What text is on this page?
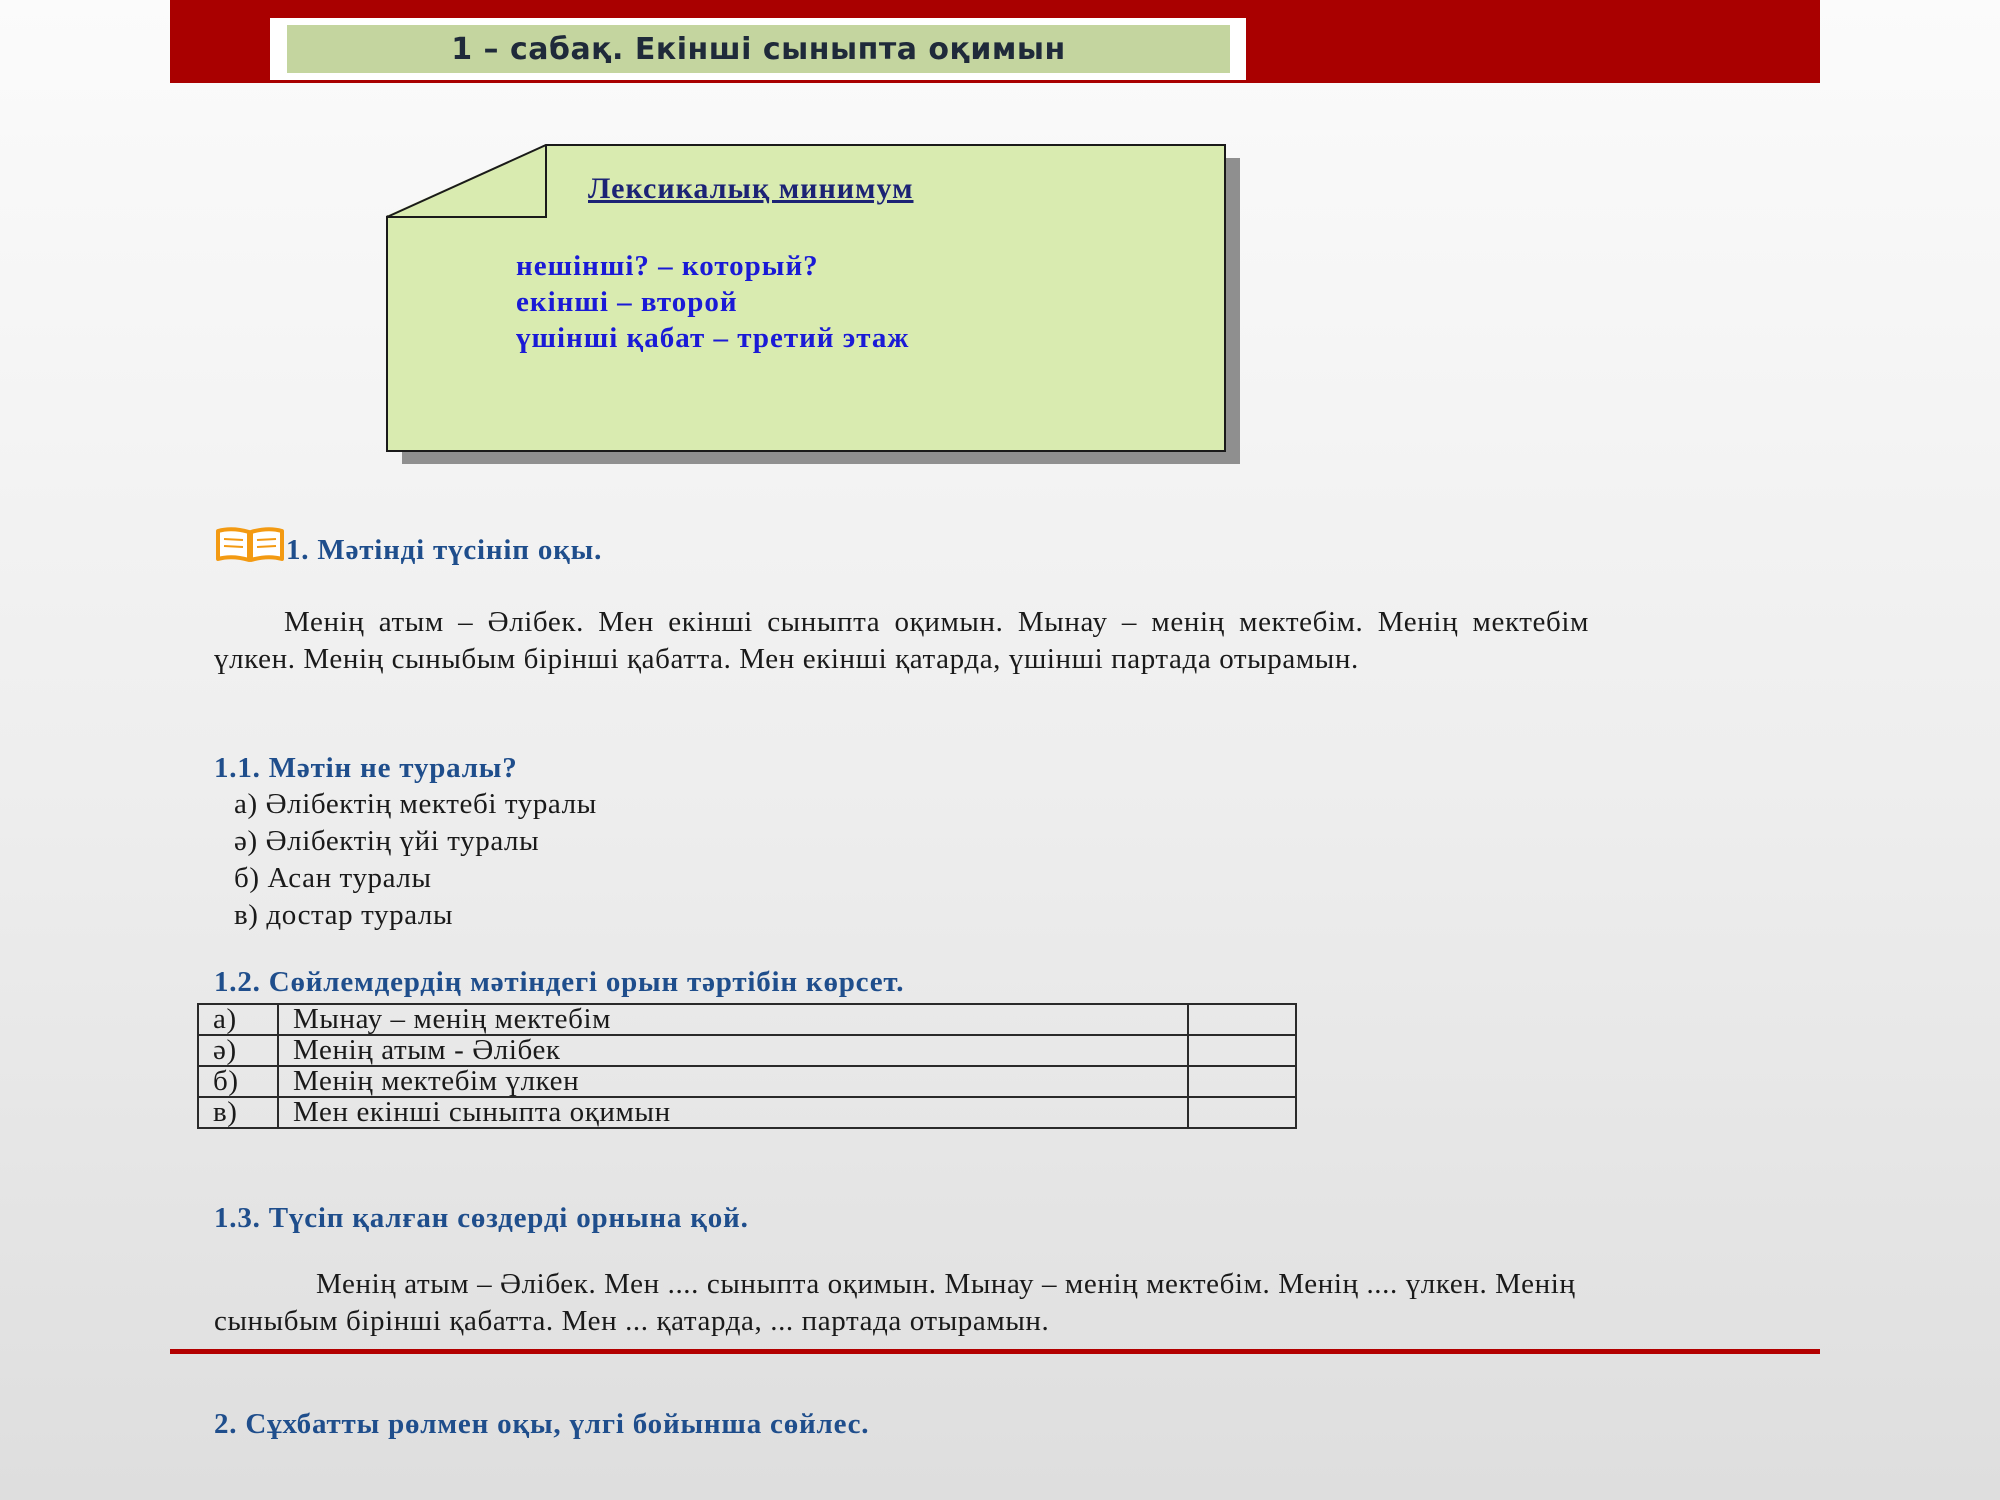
1 – сабақ. Екінші сыныпта оқимын
Лексикалық минимум
нешінші? – который?
екінші – второй
үшінші қабат – третий этаж
1. Мәтінді түсініп оқы.

Менің атым – Әлібек. Мен екінші сыныпта оқимын. Мынау – менің мектебім. Менің мектебім үлкен. Менің сыныбым бірінші қабатта. Мен екінші қатарда, үшінші партада отырамын.

1.1. Мәтін не туралы?
а) Әлібектің мектебі туралы
ә) Әлібектің үйі туралы
б) Асан туралы
в) достар туралы
1.2. Сөйлемдердің мәтіндегі орын тәртібін көрсет.
а)	Мынау – менің мектебім	
ә)	Менің атым - Әлібек	
б)	Менің мектебім үлкен	
в)	Мен екінші сыныпта оқимын	
1.3. Түсіп қалған сөздерді орнына қой.

Менің атым – Әлібек. Мен .... сыныпта оқимын. Мынау – менің мектебім. Менің .... үлкен. Менің сыныбым бірінші қабатта. Мен ... қатарда, ... партада отырамын.

2. Сұхбатты рөлмен оқы, үлгі бойынша сөйлес.
